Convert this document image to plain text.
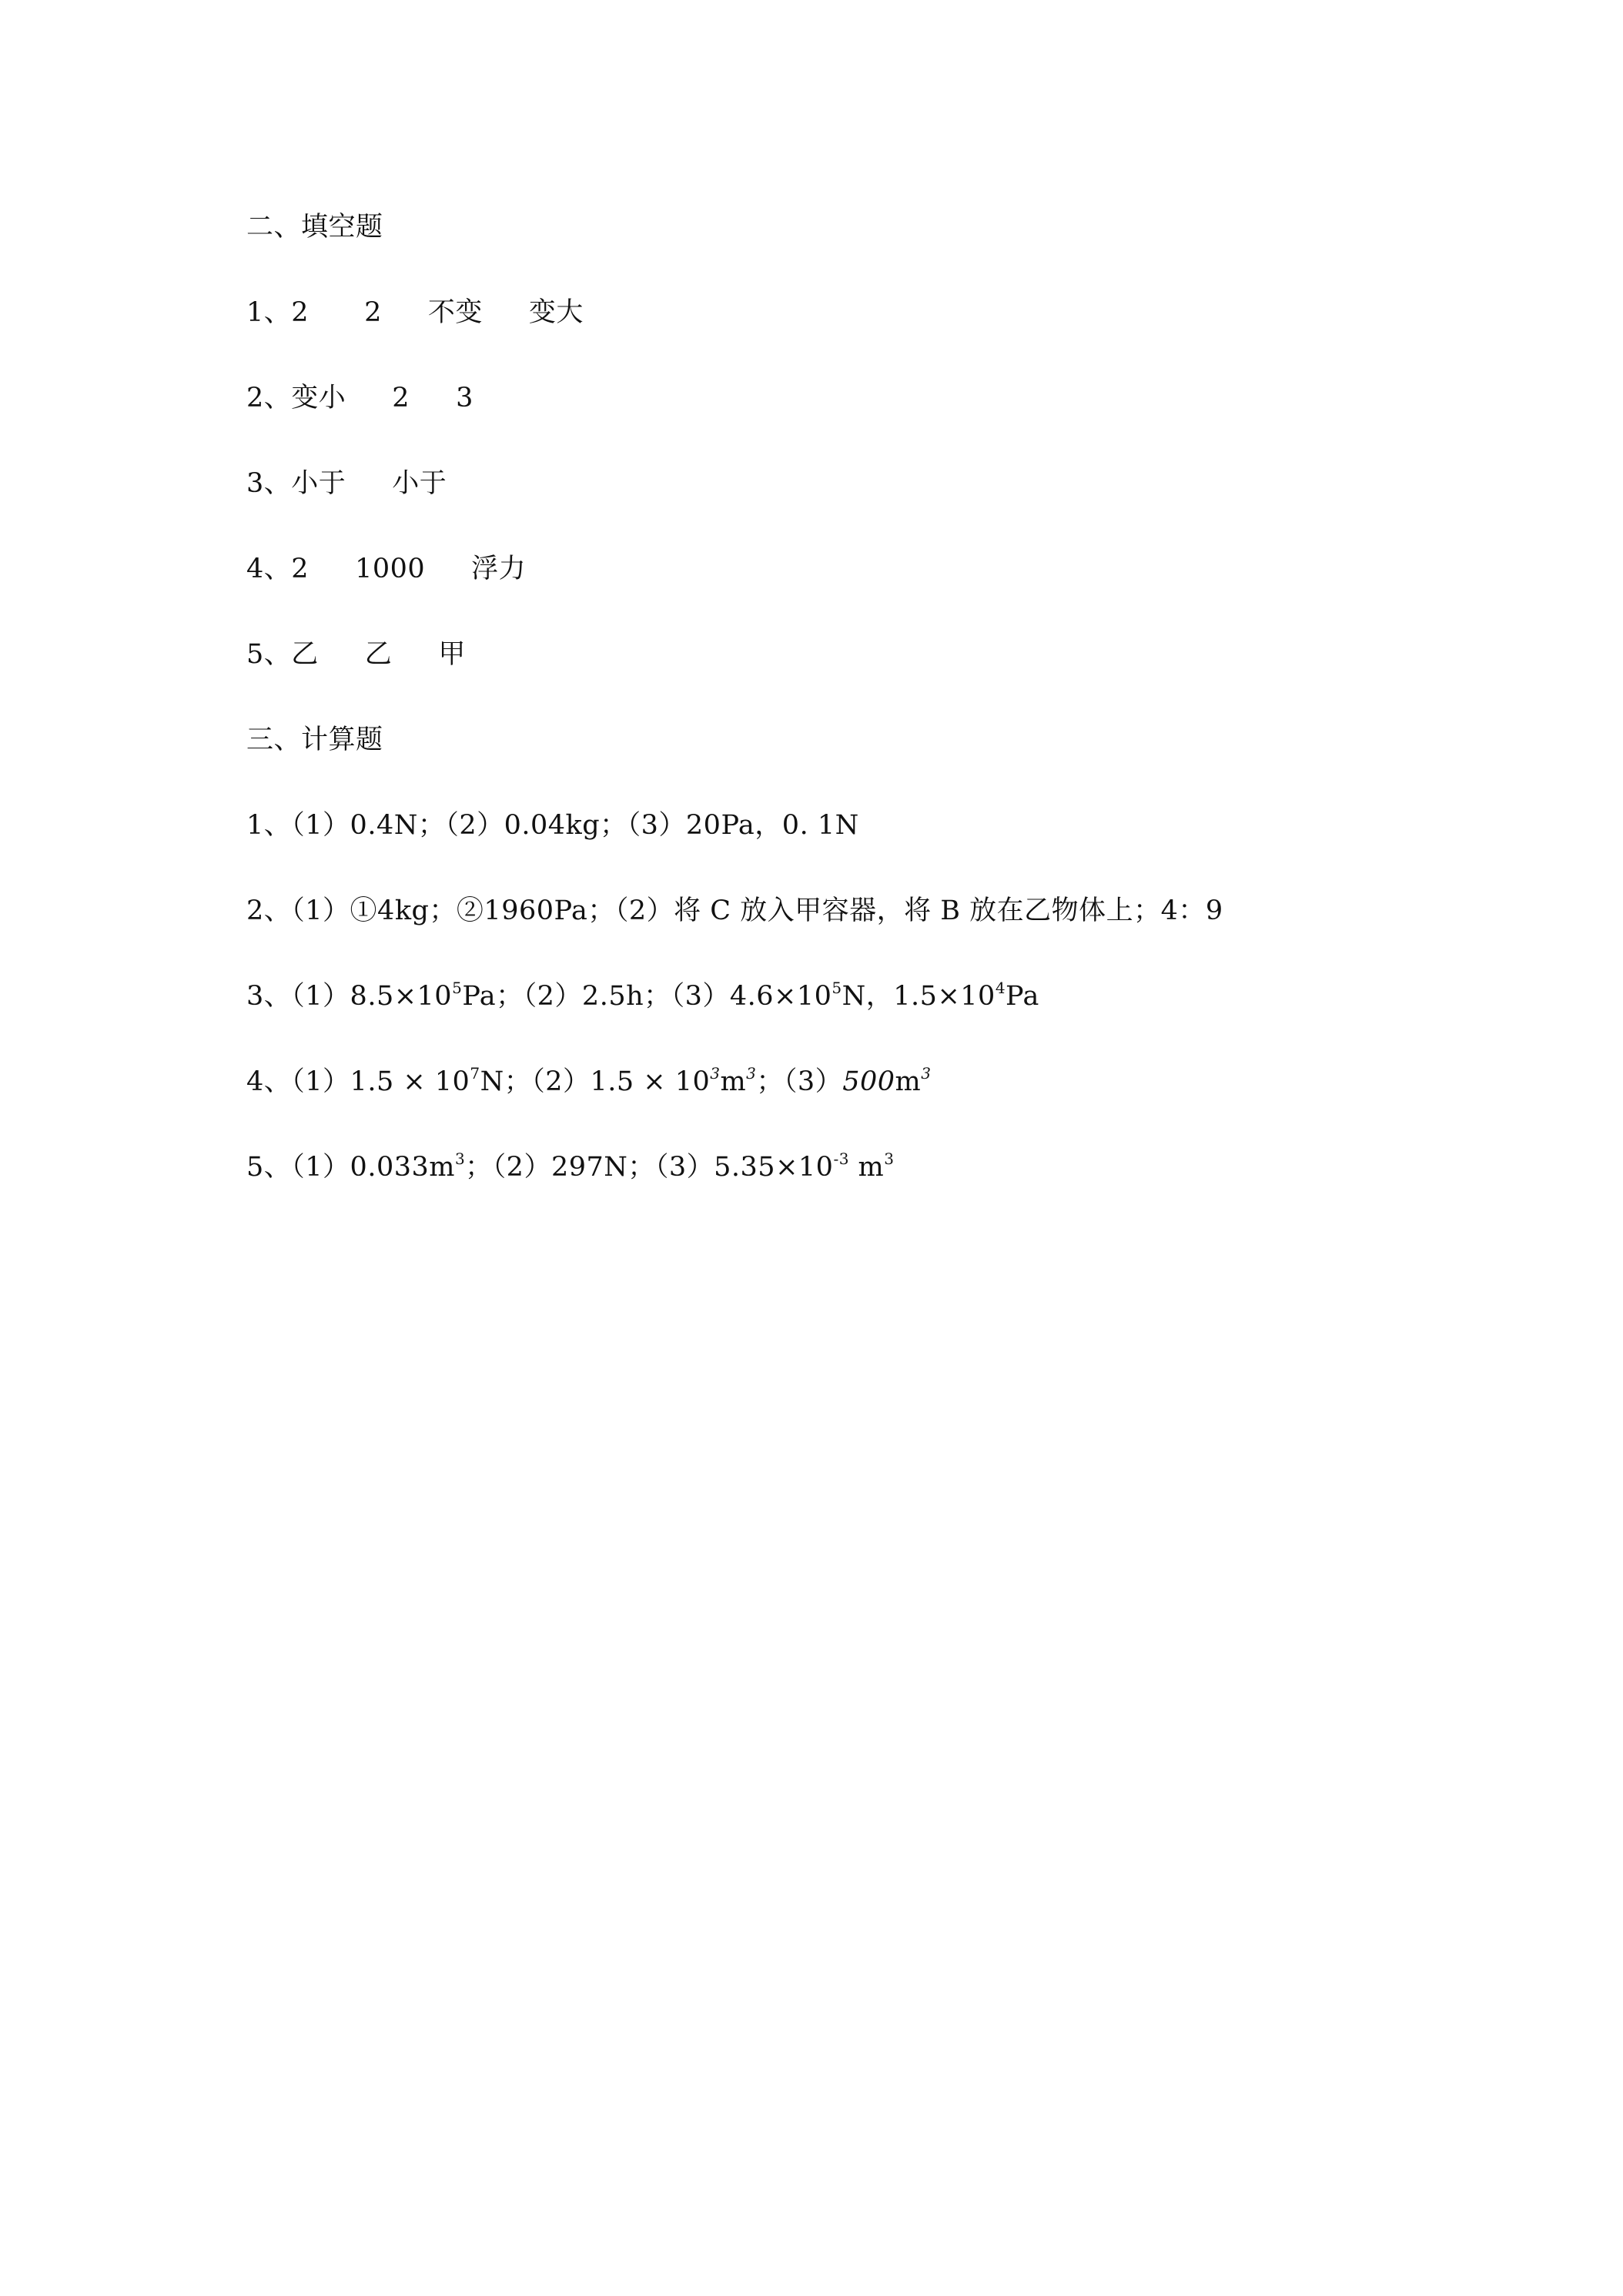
二、填空题
1、2 2 不变 变大
2、变小 2 3
3、小于 小于
4、2 1000 浮力
5、乙 乙 甲
三、计算题
1、（1）0.4N；（2）0.04kg；（3）20Pa，0. 1N
2、（1）①4kg；②1960Pa；（2）将 C 放入甲容器，将 B 放在乙物体上；4：9
3、$(1)8.5\times 10^5Pa$；（2）2.5h；$(3)4.6\times 10^5N$，$1.5\times 10^4Pa$
4、$(1)1.5 \times 10^7N$；$(2)1.5 \times 10^3m^3$；$(3)500m^3$
5、$(1)0.033m^3$；（2）297N；$(3)5.35\times 10^{-3}$ $m^3$
